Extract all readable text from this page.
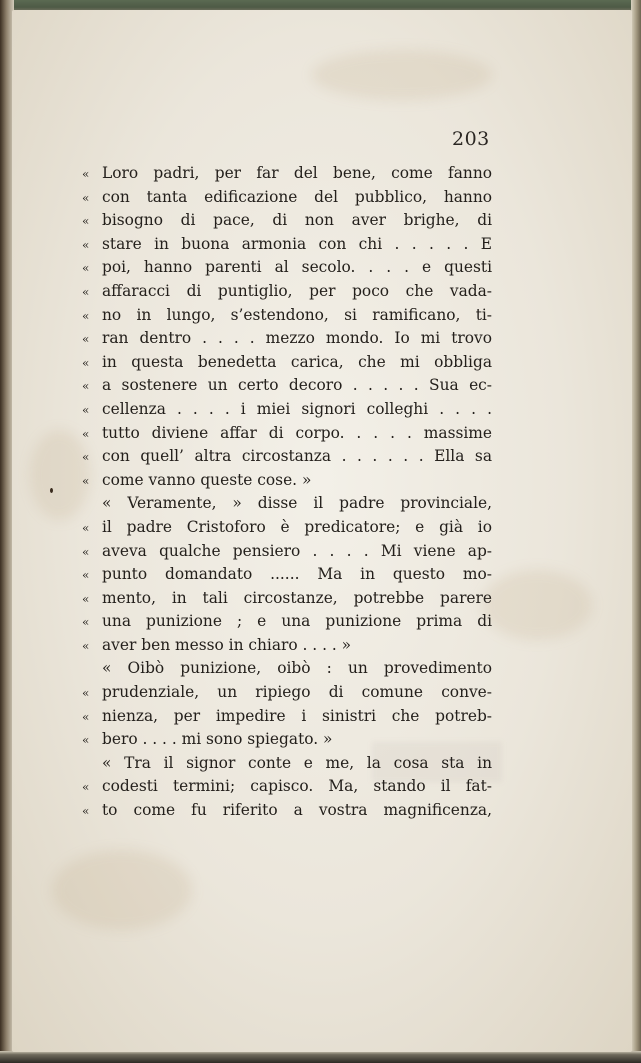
203
« Loro padri, per far del bene, come fanno
« con tanta edificazione del pubblico, hanno
« bisogno di pace, di non aver brighe, di
« stare in buona armonia con chi . . . . . E
« poi, hanno parenti al secolo. . . . e questi
« affaracci di puntiglio, per poco che vada-
« no in lungo, s’estendono, si ramificano, ti-
« ran dentro . . . . mezzo mondo. Io mi trovo
« in questa benedetta carica, che mi obbliga
« a sostenere un certo decoro . . . . . Sua ec-
« cellenza . . . . i miei signori colleghi . . . .
« tutto diviene affar di corpo. . . . . massime
« con quell’ altra circostanza . . . . . . Ella sa
« come vanno queste cose. »
« Veramente, » disse il padre provinciale,
« il padre Cristoforo è predicatore; e già io
« aveva qualche pensiero . . . . Mi viene ap-
« punto domandato ...... Ma in questo mo-
« mento, in tali circostanze, potrebbe parere
« una punizione ; e una punizione prima di
« aver ben messo in chiaro . . . . »
« Oibò punizione, oibò : un provedimento
« prudenziale, un ripiego di comune conve-
« nienza, per impedire i sinistri che potreb-
« bero . . . . mi sono spiegato. »
« Tra il signor conte e me, la cosa sta in
« codesti termini; capisco. Ma, stando il fat-
« to come fu riferito a vostra magnificenza,
